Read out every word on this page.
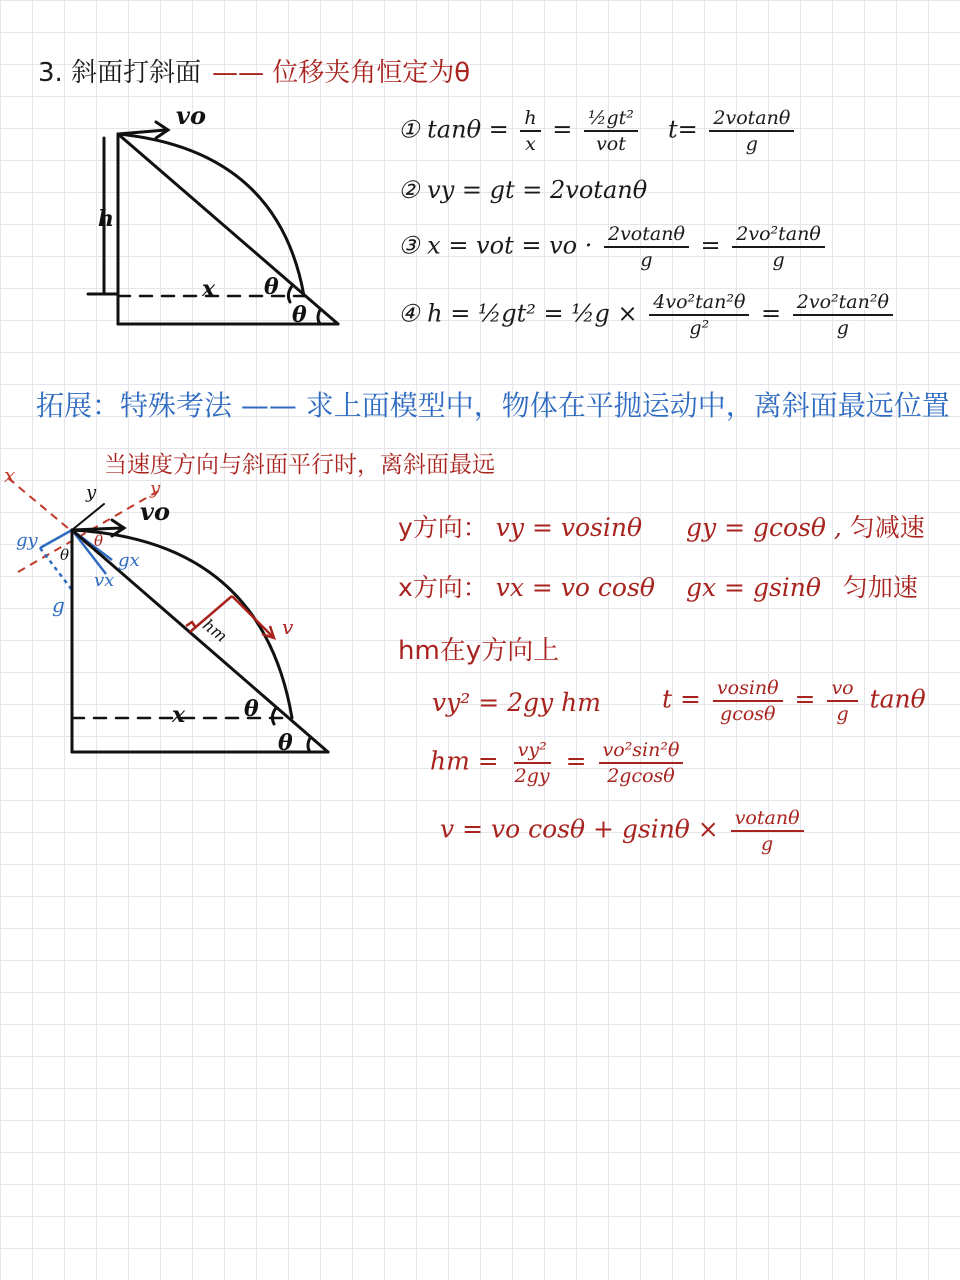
3. 斜面打斜面 —— 位移夹角恒定为θ
vo
h
x θ
θ
① $\tan\theta = \frac{h}{x} = \frac{\text{½gt²}}{\text{vot}} t= \frac{2votan\theta}{g}$
② vy = gt = 2votanθ
③ x = vot = vo · $\frac{2votan\theta}{g} = \frac{\text{2vo²tanθ}}{g}$
④ h = ½gt² = ½g × $\frac{\text{4vo²tan²θ}}{\text{g²}} = \frac{\text{2vo²tan²θ}}{g}$
拓展：特殊考法 —— 求上面模型中，物体在平抛运动中，离斜面最远位置
当速度方向与斜面平行时，离斜面最远
x
y
y
vo
gy
θ
θ
gx
vx
g
hm	v
x	θ
θ
y方向： vy = vosinθ gy = gcosθ , 匀减速
x方向： vx = vo cosθ gx = gsinθ 匀加速
hm在y方向上
vy² = 2gy hm $t = \frac{vosin\theta}{gcos\theta} = \frac{vo}{g}$ tanθ
hm = $\frac{\text{vy²}}{2gy} = \frac{\text{vo²sin²θ}}{2gcos\theta}$
v = vo $\cos\theta + gsin\theta \times \frac{votan\theta}{g}$
